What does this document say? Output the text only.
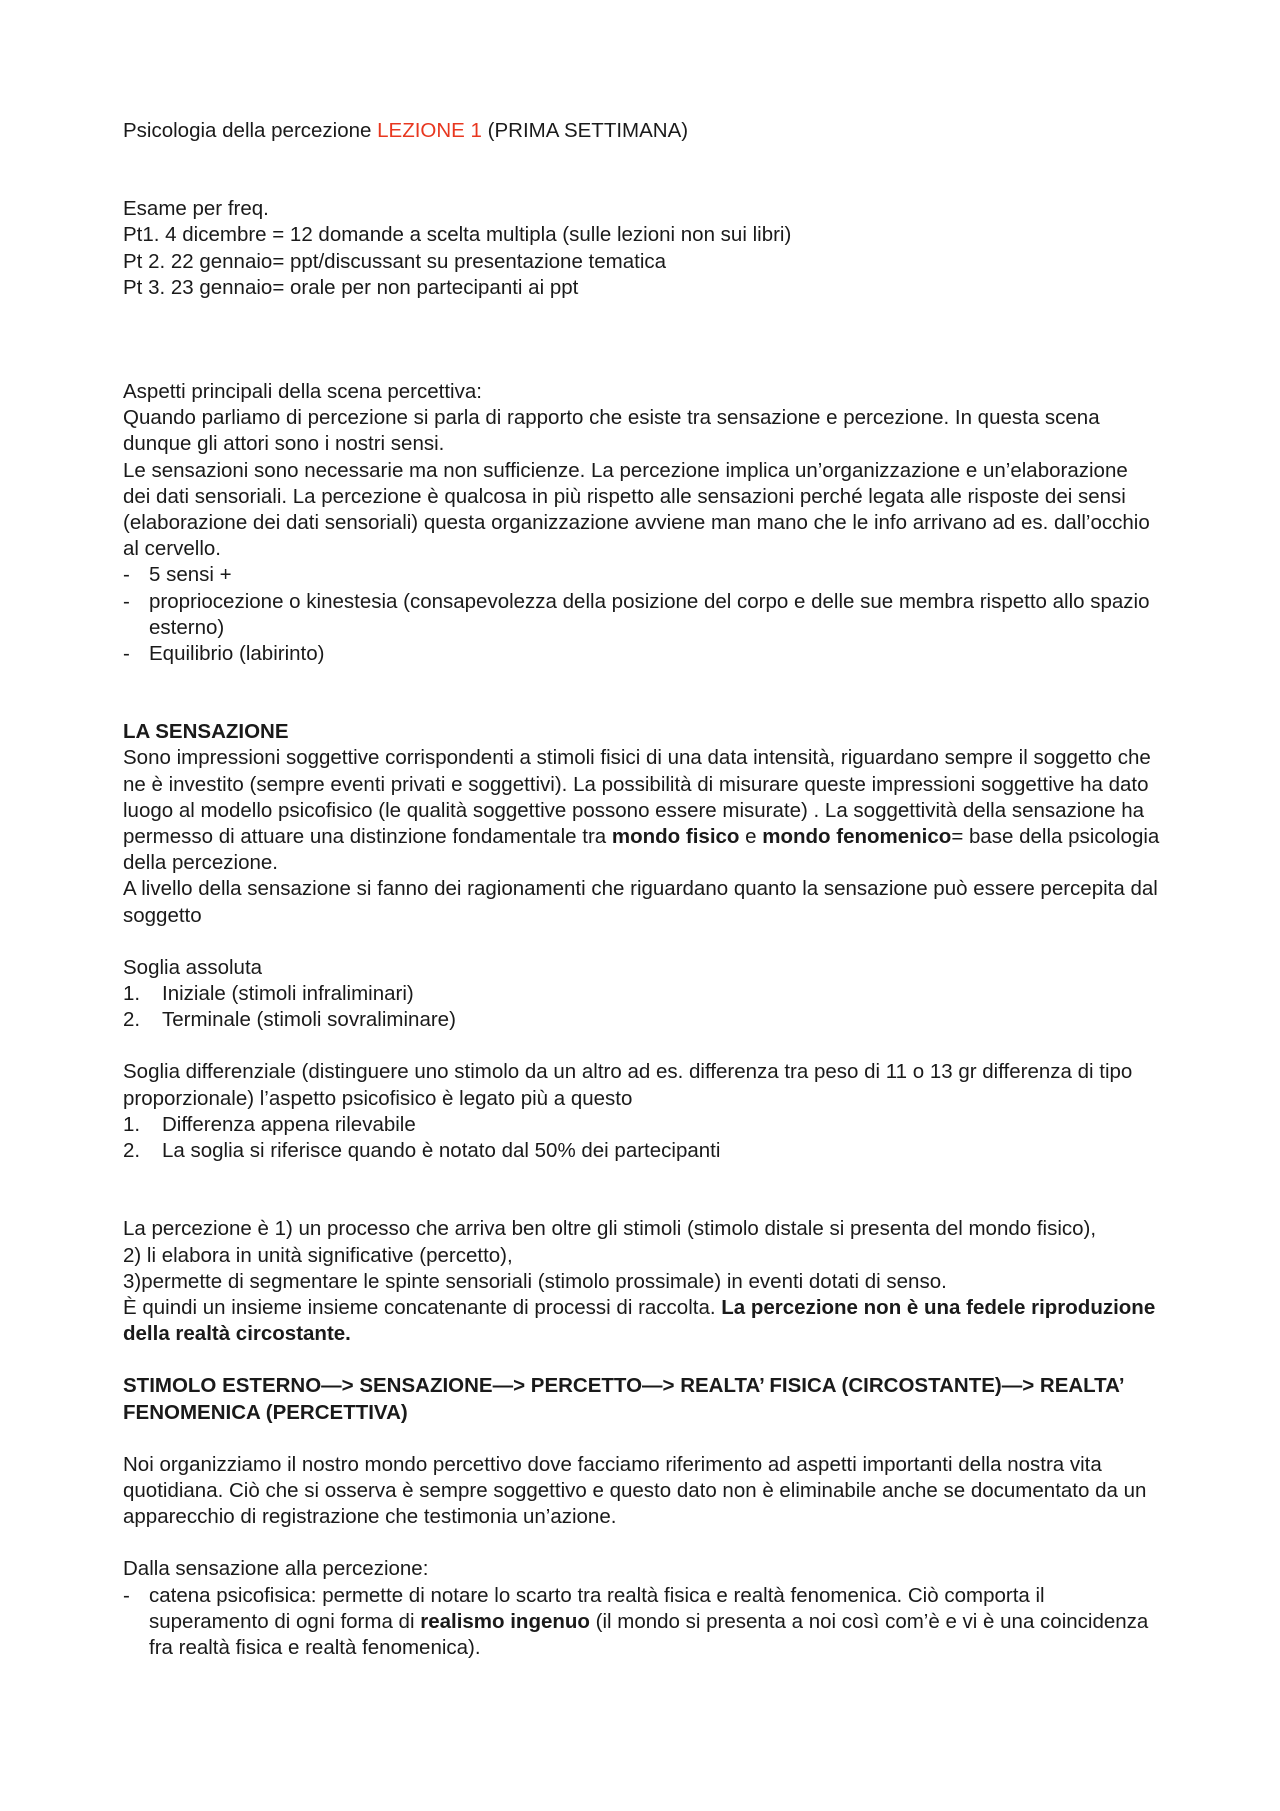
Psicologia della percezione LEZIONE 1 (PRIMA SETTIMANA)

Esame per freq.

Pt1. 4 dicembre = 12 domande a scelta multipla (sulle lezioni non sui libri)

Pt 2. 22 gennaio= ppt/discussant su presentazione tematica

Pt 3. 23 gennaio= orale per non partecipanti ai ppt

Aspetti principali della scena percettiva:

Quando parliamo di percezione si parla di rapporto che esiste tra sensazione e percezione. In questa scena dunque gli attori sono i nostri sensi.

Le sensazioni sono necessarie ma non sufficienze. La percezione implica un’organizzazione e un’elaborazione dei dati sensoriali. La percezione è qualcosa in più rispetto alle sensazioni perché legata alle risposte dei sensi (elaborazione dei dati sensoriali) questa organizzazione avviene man mano che le info arrivano ad es. dall’occhio al cervello.

- 5 sensi +
- propriocezione o kinestesia (consapevolezza della posizione del corpo e delle sue membra rispetto allo spazio esterno)
- Equilibrio (labirinto)

LA SENSAZIONE

Sono impressioni soggettive corrispondenti a stimoli fisici di una data intensità, riguardano sempre il soggetto che ne è investito (sempre eventi privati e soggettivi). La possibilità di misurare queste impressioni soggettive ha dato luogo al modello psicofisico (le qualità soggettive possono essere misurate) . La soggettività della sensazione ha permesso di attuare una distinzione fondamentale tra mondo fisico e mondo fenomenico= base della psicologia della percezione.

A livello della sensazione si fanno dei ragionamenti che riguardano quanto la sensazione può essere percepita dal soggetto

Soglia assoluta

1. Iniziale (stimoli infraliminari)
2. Terminale (stimoli sovraliminare)

Soglia differenziale (distinguere uno stimolo da un altro ad es. differenza tra peso di 11 o 13 gr differenza di tipo proporzionale) l’aspetto psicofisico è legato più a questo

1. Differenza appena rilevabile
2. La soglia si riferisce quando è notato dal 50% dei partecipanti

La percezione è 1) un processo che arriva ben oltre gli stimoli (stimolo distale si presenta del mondo fisico),

2) li elabora in unità significative (percetto),

3)permette di segmentare le spinte sensoriali (stimolo prossimale) in eventi dotati di senso.

È quindi un insieme insieme concatenante di processi di raccolta. La percezione non è una fedele riproduzione della realtà circostante.

STIMOLO ESTERNO—> SENSAZIONE—> PERCETTO—> REALTA’ FISICA (CIRCOSTANTE)—> REALTA’ FENOMENICA (PERCETTIVA)

Noi organizziamo il nostro mondo percettivo dove facciamo riferimento ad aspetti importanti della nostra vita quotidiana. Ciò che si osserva è sempre soggettivo e questo dato non è eliminabile anche se documentato da un apparecchio di registrazione che testimonia un’azione.

Dalla sensazione alla percezione:

- catena psicofisica: permette di notare lo scarto tra realtà fisica e realtà fenomenica. Ciò comporta il superamento di ogni forma di realismo ingenuo (il mondo si presenta a noi così com’è e vi è una coincidenza fra realtà fisica e realtà fenomenica).
